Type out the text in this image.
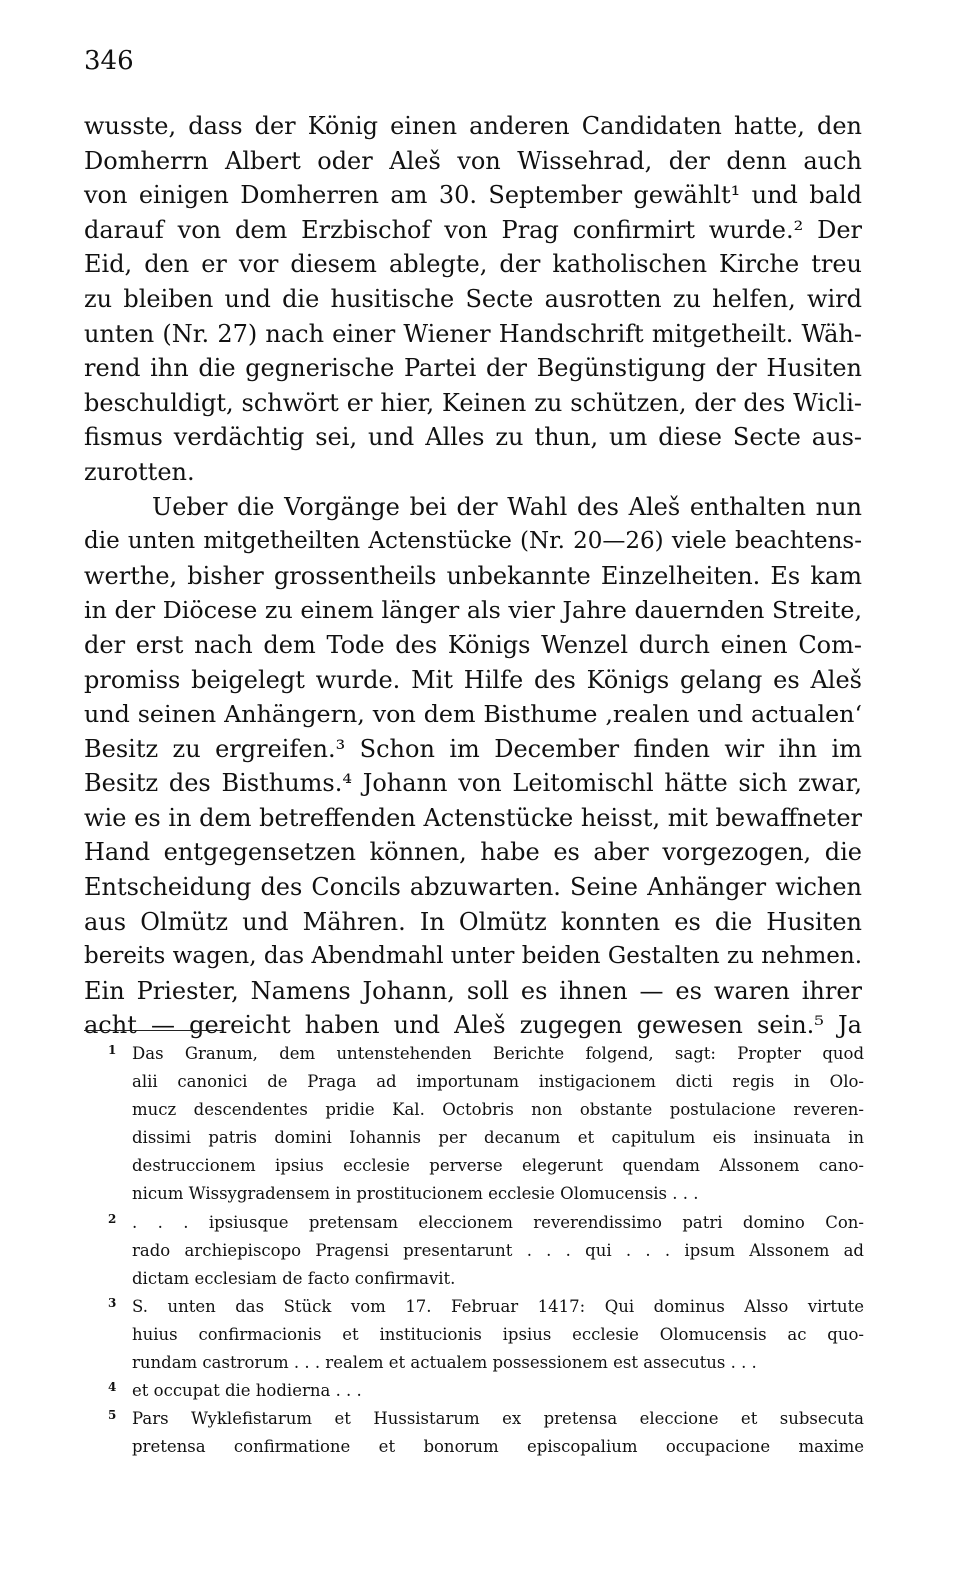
346
wusste, dass der König einen anderen Candidaten hatte, den
Domherrn Albert oder Aleš von Wissehrad, der denn auch
von einigen Domherren am 30. September gewählt¹ und bald
darauf von dem Erzbischof von Prag confirmirt wurde.² Der
Eid, den er vor diesem ablegte, der katholischen Kirche treu
zu bleiben und die husitische Secte ausrotten zu helfen, wird
unten (Nr. 27) nach einer Wiener Handschrift mitgetheilt. Wäh-
rend ihn die gegnerische Partei der Begünstigung der Husiten
beschuldigt, schwört er hier, Keinen zu schützen, der des Wicli-
fismus verdächtig sei, und Alles zu thun, um diese Secte aus-
zurotten.
Ueber die Vorgänge bei der Wahl des Aleš enthalten nun
die unten mitgetheilten Actenstücke (Nr. 20—26) viele beachtens-
werthe, bisher grossentheils unbekannte Einzelheiten. Es kam
in der Diöcese zu einem länger als vier Jahre dauernden Streite,
der erst nach dem Tode des Königs Wenzel durch einen Com-
promiss beigelegt wurde. Mit Hilfe des Königs gelang es Aleš
und seinen Anhängern, von dem Bisthume ‚realen und actualen‘
Besitz zu ergreifen.³ Schon im December finden wir ihn im
Besitz des Bisthums.⁴ Johann von Leitomischl hätte sich zwar,
wie es in dem betreffenden Actenstücke heisst, mit bewaffneter
Hand entgegensetzen können, habe es aber vorgezogen, die
Entscheidung des Concils abzuwarten. Seine Anhänger wichen
aus Olmütz und Mähren. In Olmütz konnten es die Husiten
bereits wagen, das Abendmahl unter beiden Gestalten zu nehmen.
Ein Priester, Namens Johann, soll es ihnen — es waren ihrer
acht — gereicht haben und Aleš zugegen gewesen sein.⁵ Ja
1 Das Granum, dem untenstehenden Berichte folgend, sagt: Propter quod
alii canonici de Praga ad importunam instigacionem dicti regis in Olo-
mucz descendentes pridie Kal. Octobris non obstante postulacione reveren-
dissimi patris domini Iohannis per decanum et capitulum eis insinuata in
destruccionem ipsius ecclesie perverse elegerunt quendam Alssonem cano-
nicum Wissygradensem in prostitucionem ecclesie Olomucensis . . .
2 . . . ipsiusque pretensam eleccionem reverendissimo patri domino Con-
rado archiepiscopo Pragensi presentarunt . . . qui . . . ipsum Alssonem ad
dictam ecclesiam de facto confirmavit.
3 S. unten das Stück vom 17. Februar 1417: Qui dominus Alsso virtute
huius confirmacionis et institucionis ipsius ecclesie Olomucensis ac quo-
rundam castrorum . . . realem et actualem possessionem est assecutus . . .
4 et occupat die hodierna . . .
5 Pars Wyklefistarum et Hussistarum ex pretensa eleccione et subsecuta
pretensa confirmatione et bonorum episcopalium occupacione maxime
